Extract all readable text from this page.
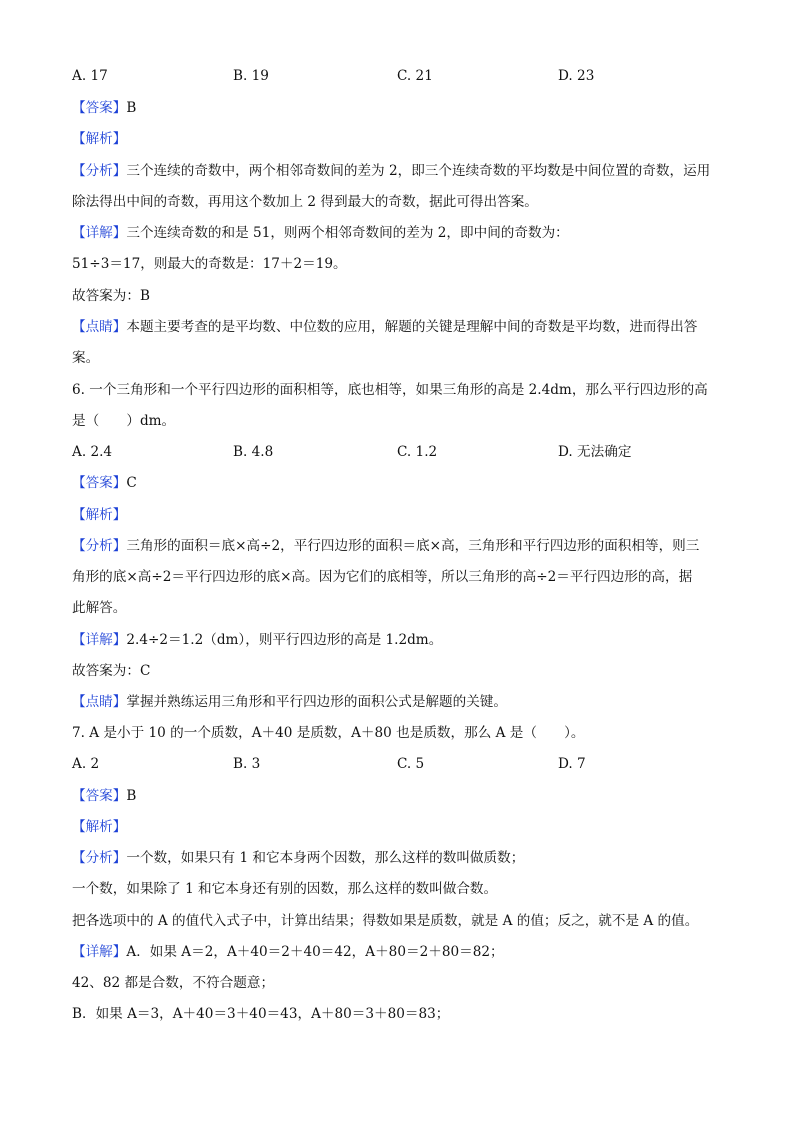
A. 17	B. 19	C. 21	D. 23
【答案】B
【解析】
【分析】三个连续的奇数中，两个相邻奇数间的差为 2，即三个连续奇数的平均数是中间位置的奇数，运用
除法得出中间的奇数，再用这个数加上 2 得到最大的奇数，据此可得出答案。
【详解】三个连续奇数的和是 51，则两个相邻奇数间的差为 2，即中间的奇数为：
51÷3＝17，则最大的奇数是：17＋2＝19。
故答案为：B
【点睛】本题主要考查的是平均数、中位数的应用，解题的关键是理解中间的奇数是平均数，进而得出答
案。
6. 一个三角形和一个平行四边形的面积相等，底也相等，如果三角形的高是 2.4dm，那么平行四边形的高
是（　　）dm。
A. 2.4	B. 4.8	C. 1.2	D. 无法确定
【答案】C
【解析】
【分析】三角形的面积＝底×高÷2，平行四边形的面积＝底×高，三角形和平行四边形的面积相等，则三
角形的底×高÷2＝平行四边形的底×高。因为它们的底相等，所以三角形的高÷2＝平行四边形的高，据
此解答。
【详解】2.4÷2＝1.2（dm），则平行四边形的高是 1.2dm。
故答案为：C
【点睛】掌握并熟练运用三角形和平行四边形的面积公式是解题的关键。
7. A 是小于 10 的一个质数，A＋40 是质数，A＋80 也是质数，那么 A 是（　　）。
A. 2	B. 3	C. 5	D. 7
【答案】B
【解析】
【分析】一个数，如果只有 1 和它本身两个因数，那么这样的数叫做质数；
一个数，如果除了 1 和它本身还有别的因数，那么这样的数叫做合数。
把各选项中的 A 的值代入式子中，计算出结果；得数如果是质数，就是 A 的值；反之，就不是 A 的值。
【详解】A．如果 A＝2，A＋40＝2＋40＝42，A＋80＝2＋80＝82；
42、82 都是合数，不符合题意；
B．如果 A＝3，A＋40＝3＋40＝43，A＋80＝3＋80＝83；
